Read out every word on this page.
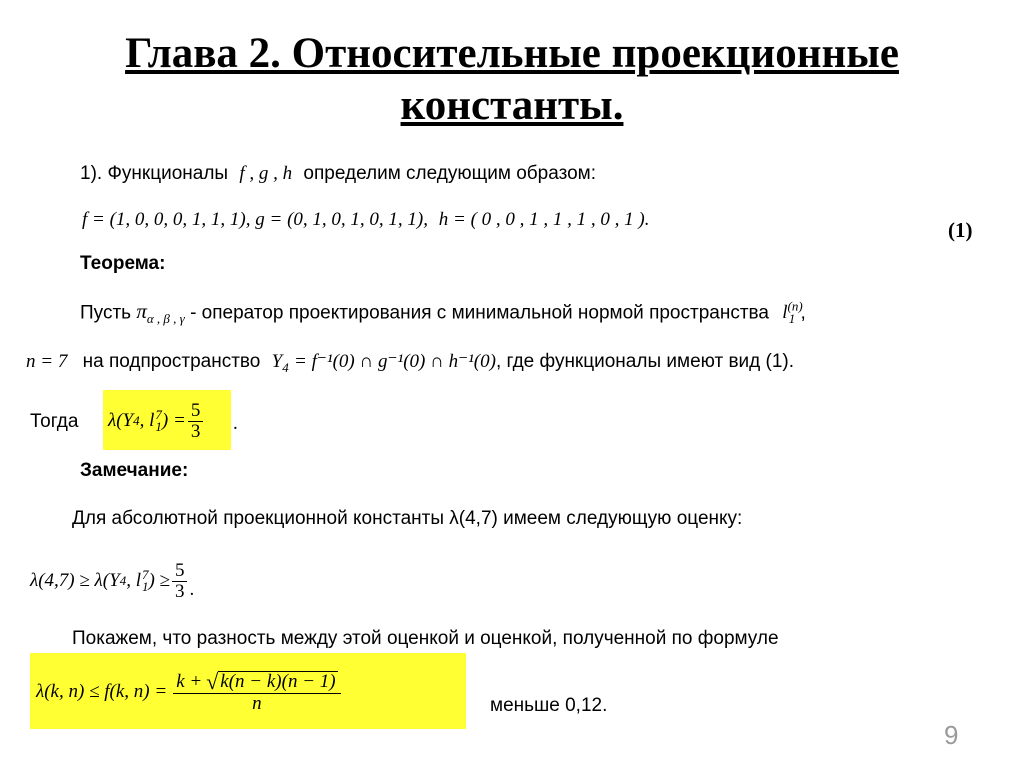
Глава 2. Относительные проекционные
константы.
1). Функционалы f , g , h определим следующим образом:
f = (1, 0, 0, 0, 1, 1, 1), g = (0, 1, 0, 1, 0, 1, 1), h = ( 0 , 0 , 1 , 1 , 1 , 0 , 1 ).	(1)
Теорема:
Пусть $\pi_{\alpha , \beta , \gamma}$ - оператор проектирования с минимальной нормой пространства $l^{(n)}_1$ ,
n = 7 на подпространство $Y_4 = f^{-1}(0)$ ∩ g⁻¹(0) ∩ h⁻¹(0), где функционалы имеют вид (1).
Тогда λ(Y 4 , l 7
1 ) = $\frac{5}{3}$ .
Замечание:
Для абсолютной проекционной константы λ(4,7) имеем следующую оценку:
λ(4,7) ≥ λ(Y 4 , l 7
1 ) ≥ $\frac{5}{3}$ .
Покажем, что разность между этой оценкой и оценкой, полученной по формуле
λ(k, n) ≤ f(k, $n) = \frac{k + √ k(n - k)(n - 1)}{n}$	меньше 0,12.
9
